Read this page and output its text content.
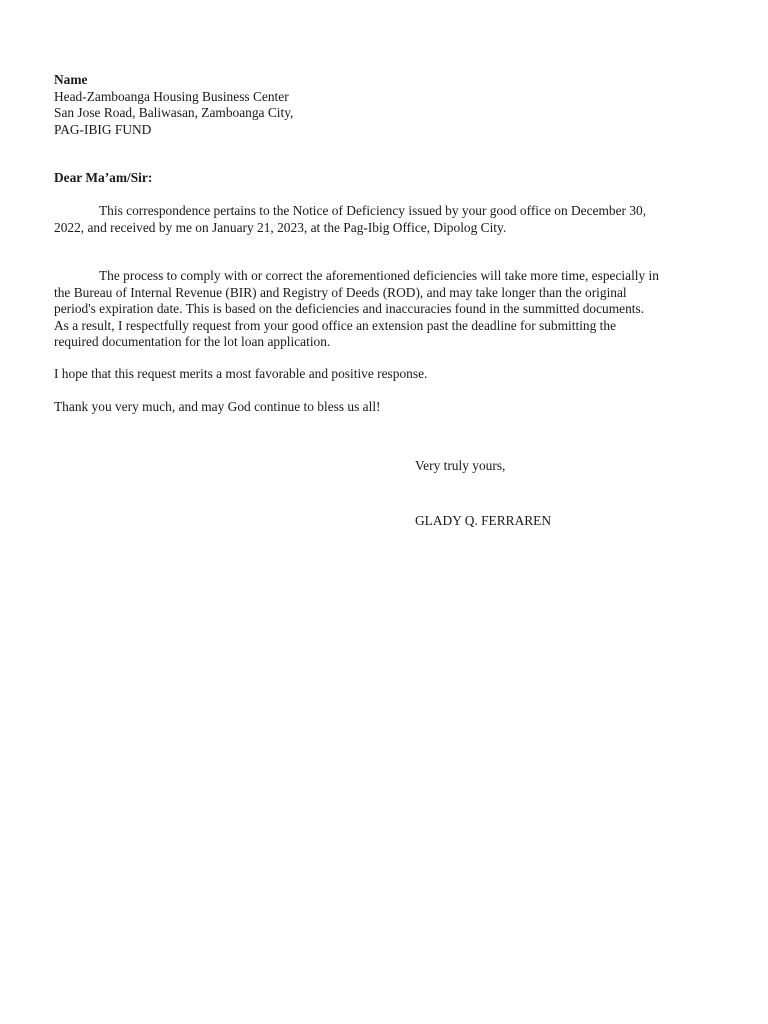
Name
Head-Zamboanga Housing Business Center
San Jose Road, Baliwasan, Zamboanga City,
PAG-IBIG FUND
Dear Ma’am/Sir:
This correspondence pertains to the Notice of Deficiency issued by your good office on December 30,
2022, and received by me on January 21, 2023, at the Pag-Ibig Office, Dipolog City.
The process to comply with or correct the aforementioned deficiencies will take more time, especially in
the Bureau of Internal Revenue (BIR) and Registry of Deeds (ROD), and may take longer than the original
period's expiration date. This is based on the deficiencies and inaccuracies found in the summitted documents.
As a result, I respectfully request from your good office an extension past the deadline for submitting the
required documentation for the lot loan application.
I hope that this request merits a most favorable and positive response.
Thank you very much, and may God continue to bless us all!
Very truly yours,
GLADY Q. FERRAREN
